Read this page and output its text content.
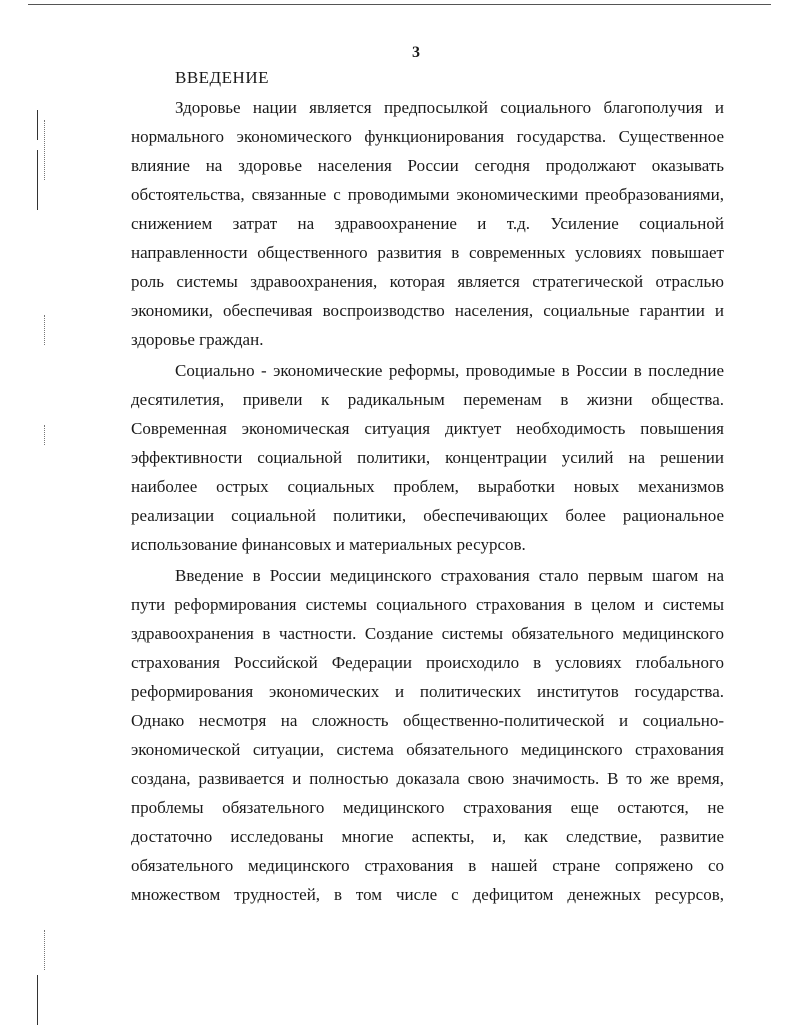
3
ВВЕДЕНИЕ
Здоровье нации является предпосылкой социального благополучия и
нормального экономического функционирования государства. Существенное
влияние на здоровье населения России сегодня продолжают оказывать
обстоятельства, связанные с проводимыми экономическими преобразованиями,
снижением затрат на здравоохранение и т.д. Усиление социальной
направленности общественного развития в современных условиях повышает
роль системы здравоохранения, которая является стратегической отраслью
экономики, обеспечивая воспроизводство населения, социальные гарантии и
здоровье граждан.
Социально - экономические реформы, проводимые в России в последние
десятилетия, привели к радикальным переменам в жизни общества.
Современная экономическая ситуация диктует необходимость повышения
эффективности социальной политики, концентрации усилий на решении
наиболее острых социальных проблем, выработки новых механизмов
реализации социальной политики, обеспечивающих более рациональное
использование финансовых и материальных ресурсов.
Введение в России медицинского страхования стало первым шагом на
пути реформирования системы социального страхования в целом и системы
здравоохранения в частности. Создание системы обязательного медицинского
страхования Российской Федерации происходило в условиях глобального
реформирования экономических и политических институтов государства.
Однако несмотря на сложность общественно-политической и социально-
экономической ситуации, система обязательного медицинского страхования
создана, развивается и полностью доказала свою значимость. В то же время,
проблемы обязательного медицинского страхования еще остаются, не
достаточно исследованы многие аспекты, и, как следствие, развитие
обязательного медицинского страхования в нашей стране сопряжено со
множеством трудностей, в том числе с дефицитом денежных ресурсов,
